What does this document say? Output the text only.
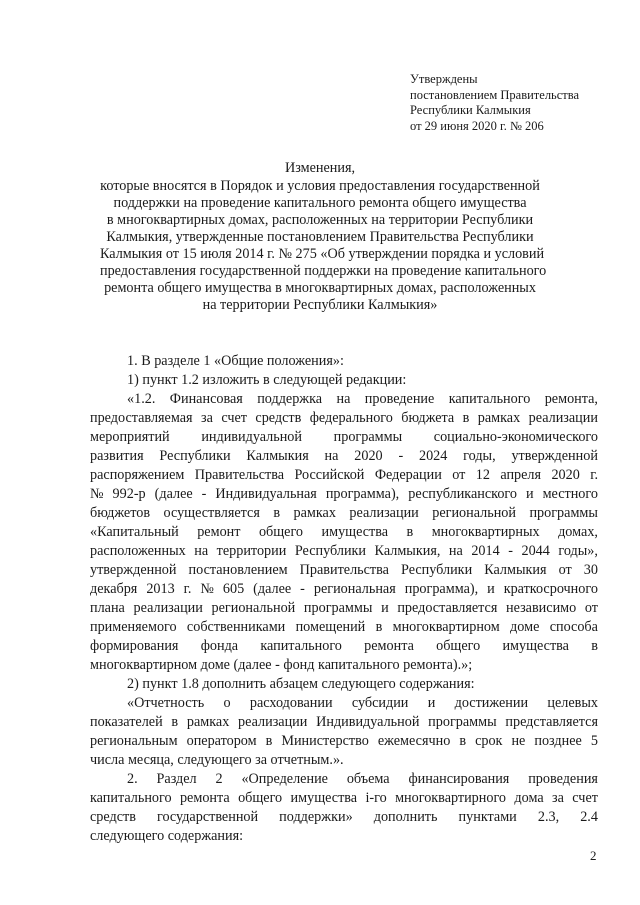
Утверждены
постановлением Правительства
Республики Калмыкия
от 29 июня 2020 г. № 206
Изменения,
которые вносятся в Порядок и условия предоставления государственной
поддержки на проведение капитального ремонта общего имущества
в многоквартирных домах, расположенных на территории Республики
Калмыкия, утвержденные постановлением Правительства Республики
Калмыкия от 15 июля 2014 г. № 275 «Об утверждении порядка и условий
предоставления государственной поддержки на проведение капитального
ремонта общего имущества в многоквартирных домах, расположенных
на территории Республики Калмыкия»
1. В разделе 1 «Общие положения»:
1) пункт 1.2 изложить в следующей редакции:
«1.2. Финансовая поддержка на проведение капитального ремонта,
предоставляемая за счет средств федерального бюджета в рамках реализации
мероприятий индивидуальной программы социально-экономического
развития Республики Калмыкия на 2020 - 2024 годы, утвержденной
распоряжением Правительства Российской Федерации от 12 апреля 2020 г.
№ 992-р (далее - Индивидуальная программа), республиканского и местного
бюджетов осуществляется в рамках реализации региональной программы
«Капитальный ремонт общего имущества в многоквартирных домах,
расположенных на территории Республики Калмыкия, на 2014 - 2044 годы»,
утвержденной постановлением Правительства Республики Калмыкия от 30
декабря 2013 г. № 605 (далее - региональная программа), и краткосрочного
плана реализации региональной программы и предоставляется независимо от
применяемого собственниками помещений в многоквартирном доме способа
формирования фонда капитального ремонта общего имущества в
многоквартирном доме (далее - фонд капитального ремонта).»;
2) пункт 1.8 дополнить абзацем следующего содержания:
«Отчетность о расходовании субсидии и достижении целевых
показателей в рамках реализации Индивидуальной программы представляется
региональным оператором в Министерство ежемесячно в срок не позднее 5
числа месяца, следующего за отчетным.».
2. Раздел 2 «Определение объема финансирования проведения
капитального ремонта общего имущества i-го многоквартирного дома за счет
средств государственной поддержки» дополнить пунктами 2.3, 2.4
следующего содержания:
2
